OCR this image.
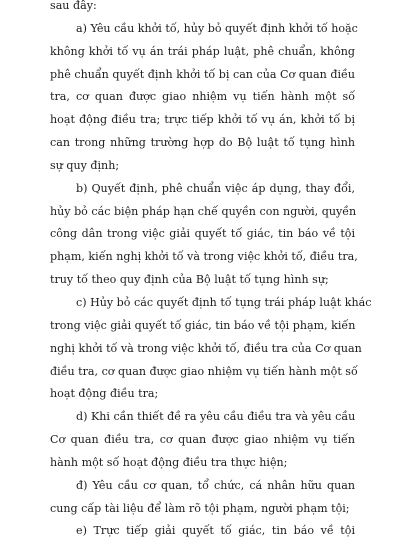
sau đây:
a) Yêu cầu khởi tố, hủy bỏ quyết định khởi tố hoặc
không khởi tố vụ án trái pháp luật, phê chuẩn, không
phê chuẩn quyết định khởi tố bị can của Cơ quan điều
tra, cơ quan được giao nhiệm vụ tiến hành một số
hoạt động điều tra; trực tiếp khởi tố vụ án, khởi tố bị
can trong những trường hợp do Bộ luật tố tụng hình
sự quy định;
b) Quyết định, phê chuẩn việc áp dụng, thay đổi,
hủy bỏ các biện pháp hạn chế quyền con người, quyền
công dân trong việc giải quyết tố giác, tin báo về tội
phạm, kiến nghị khởi tố và trong việc khởi tố, điều tra,
truy tố theo quy định của Bộ luật tố tụng hình sự;
c) Hủy bỏ các quyết định tố tụng trái pháp luật khác
trong việc giải quyết tố giác, tin báo về tội phạm, kiến
nghị khởi tố và trong việc khởi tố, điều tra của Cơ quan
điều tra, cơ quan được giao nhiệm vụ tiến hành một số
hoạt động điều tra;
d) Khi cần thiết đề ra yêu cầu điều tra và yêu cầu
Cơ quan điều tra, cơ quan được giao nhiệm vụ tiến
hành một số hoạt động điều tra thực hiện;
đ) Yêu cầu cơ quan, tổ chức, cá nhân hữu quan
cung cấp tài liệu để làm rõ tội phạm, người phạm tội;
e) Trực tiếp giải quyết tố giác, tin báo về tội
